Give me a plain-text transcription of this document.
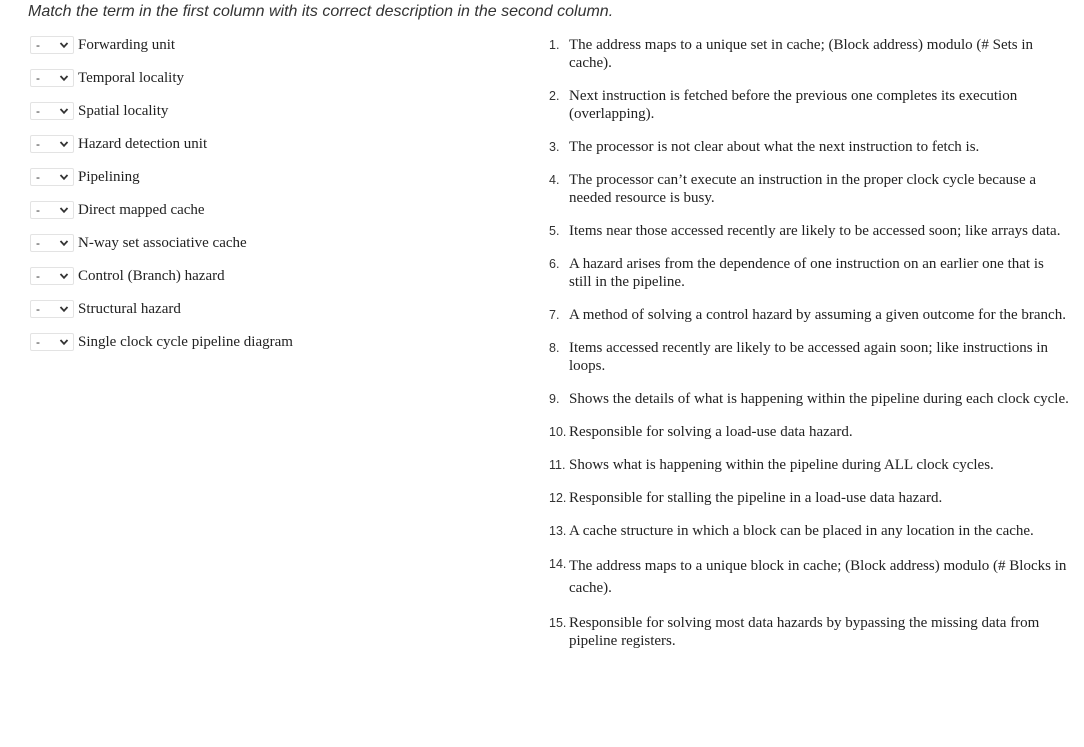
Match the term in the first column with its correct description in the second column.
-	Forwarding unit
-	Temporal locality
-	Spatial locality
-	Hazard detection unit
-	Pipelining
-	Direct mapped cache
-	N-way set associative cache
-	Control (Branch) hazard
-	Structural hazard
-	Single clock cycle pipeline diagram
1. The address maps to a unique set in cache; (Block address) modulo (# Sets in cache).
2. Next instruction is fetched before the previous one completes its execution (overlapping).
3. The processor is not clear about what the next instruction to fetch is.
4. The processor can’t execute an instruction in the proper clock cycle because a needed resource is busy.
5. Items near those accessed recently are likely to be accessed soon; like arrays data.
6. A hazard arises from the dependence of one instruction on an earlier one that is still in the pipeline.
7. A method of solving a control hazard by assuming a given outcome for the branch.
8. Items accessed recently are likely to be accessed again soon; like instructions in loops.
9. Shows the details of what is happening within the pipeline during each clock cycle.
10. Responsible for solving a load-use data hazard.
11. Shows what is happening within the pipeline during ALL clock cycles.
12. Responsible for stalling the pipeline in a load-use data hazard.
13. A cache structure in which a block can be placed in any location in the cache.
14. The address maps to a unique block in cache; (Block address) modulo (# Blocks in cache).
15. Responsible for solving most data hazards by bypassing the missing data from pipeline registers.
